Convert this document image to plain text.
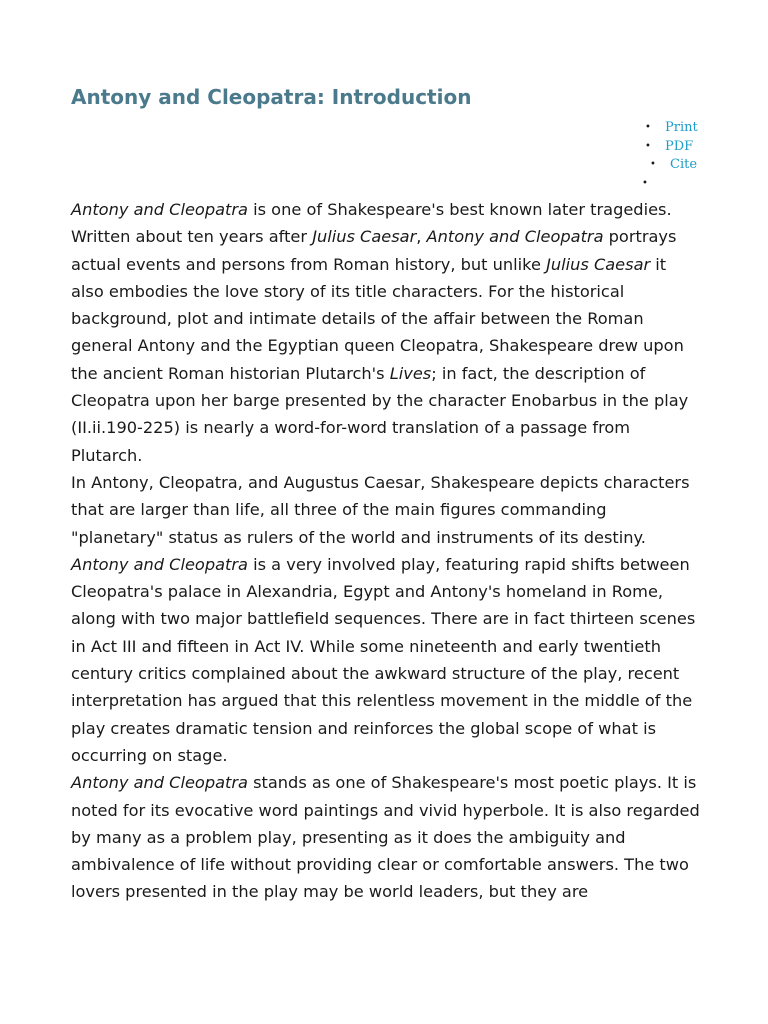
Antony and Cleopatra: Introduction
• Print
• PDF
• Cite
•

Antony and Cleopatra is one of Shakespeare's best known later tragedies. Written about ten years after Julius Caesar, Antony and Cleopatra portrays actual events and persons from Roman history, but unlike Julius Caesar it also embodies the love story of its title characters. For the historical background, plot and intimate details of the affair between the Roman general Antony and the Egyptian queen Cleopatra, Shakespeare drew upon the ancient Roman historian Plutarch's Lives; in fact, the description of Cleopatra upon her barge presented by the character Enobarbus in the play (II.ii.190-225) is nearly a word-for-word translation of a passage from Plutarch.

In Antony, Cleopatra, and Augustus Caesar, Shakespeare depicts characters that are larger than life, all three of the main figures commanding "planetary" status as rulers of the world and instruments of its destiny. Antony and Cleopatra is a very involved play, featuring rapid shifts between Cleopatra's palace in Alexandria, Egypt and Antony's homeland in Rome, along with two major battlefield sequences. There are in fact thirteen scenes in Act III and fifteen in Act IV. While some nineteenth and early twentieth century critics complained about the awkward structure of the play, recent interpretation has argued that this relentless movement in the middle of the play creates dramatic tension and reinforces the global scope of what is occurring on stage.

Antony and Cleopatra stands as one of Shakespeare's most poetic plays. It is noted for its evocative word paintings and vivid hyperbole. It is also regarded by many as a problem play, presenting as it does the ambiguity and ambivalence of life without providing clear or comfortable answers. The two lovers presented in the play may be world leaders, but they are
